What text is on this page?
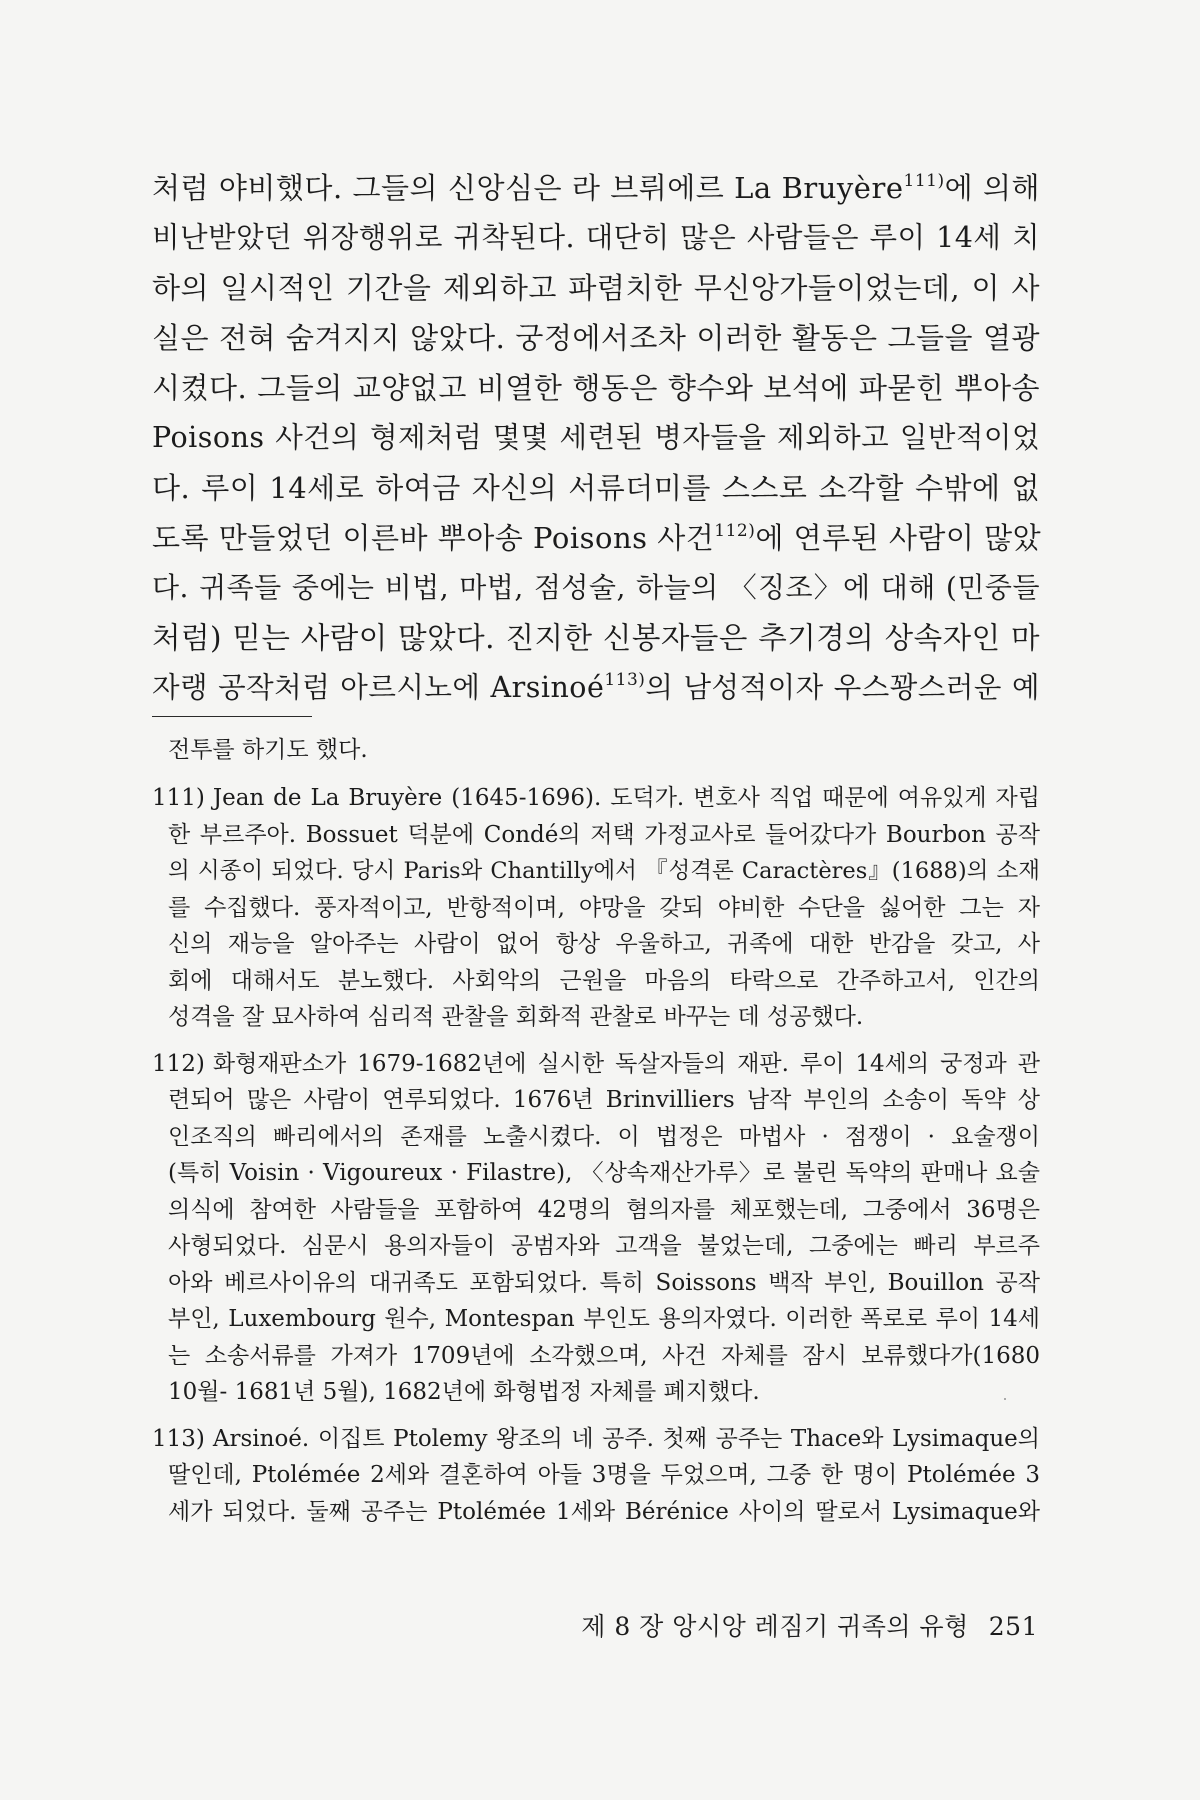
처럼 야비했다. 그들의 신앙심은 라 브뤼에르 La Bruyère$^{111)}$에 의해
비난받았던 위장행위로 귀착된다. 대단히 많은 사람들은 루이 14세 치
하의 일시적인 기간을 제외하고 파렴치한 무신앙가들이었는데, 이 사
실은 전혀 숨겨지지 않았다. 궁정에서조차 이러한 활동은 그들을 열광
시켰다. 그들의 교양없고 비열한 행동은 향수와 보석에 파묻힌 뿌아송
Poisons 사건의 형제처럼 몇몇 세련된 병자들을 제외하고 일반적이었
다. 루이 14세로 하여금 자신의 서류더미를 스스로 소각할 수밖에 없
도록 만들었던 이른바 뿌아송 Poisons 사건$^{112)}$에 연루된 사람이 많았
다. 귀족들 중에는 비법, 마법, 점성술, 하늘의 〈징조〉에 대해 (민중들
처럼) 믿는 사람이 많았다. 진지한 신봉자들은 추기경의 상속자인 마
자랭 공작처럼 아르시노에 Arsinoé$^{113)}$의 남성적이자 우스꽝스러운 예
전투를 하기도 했다.
111) Jean de La Bruyère (1645-1696). 도덕가. 변호사 직업 때문에 여유있게 자립
한 부르주아. Bossuet 덕분에 Condé의 저택 가정교사로 들어갔다가 Bourbon 공작
의 시종이 되었다. 당시 Paris와 Chantilly에서 『성격론 Caractères』(1688)의 소재
를 수집했다. 풍자적이고, 반항적이며, 야망을 갖되 야비한 수단을 싫어한 그는 자
신의 재능을 알아주는 사람이 없어 항상 우울하고, 귀족에 대한 반감을 갖고, 사
회에 대해서도 분노했다. 사회악의 근원을 마음의 타락으로 간주하고서, 인간의
성격을 잘 묘사하여 심리적 관찰을 회화적 관찰로 바꾸는 데 성공했다.
112) 화형재판소가 1679-1682년에 실시한 독살자들의 재판. 루이 14세의 궁정과 관
련되어 많은 사람이 연루되었다. 1676년 Brinvilliers 남작 부인의 소송이 독약 상
인조직의 빠리에서의 존재를 노출시켰다. 이 법정은 마법사 · 점쟁이 · 요술쟁이
(특히 Voisin · Vigoureux · Filastre), 〈상속재산가루〉로 불린 독약의 판매나 요술
의식에 참여한 사람들을 포함하여 42명의 혐의자를 체포했는데, 그중에서 36명은
사형되었다. 심문시 용의자들이 공범자와 고객을 불었는데, 그중에는 빠리 부르주
아와 베르사이유의 대귀족도 포함되었다. 특히 Soissons 백작 부인, Bouillon 공작
부인, Luxembourg 원수, Montespan 부인도 용의자였다. 이러한 폭로로 루이 14세
는 소송서류를 가져가 1709년에 소각했으며, 사건 자체를 잠시 보류했다가(1680
10월- 1681년 5월), 1682년에 화형법정 자체를 폐지했다.
113) Arsinoé. 이집트 Ptolemy 왕조의 네 공주. 첫째 공주는 Thace와 Lysimaque의
딸인데, Ptolémée 2세와 결혼하여 아들 3명을 두었으며, 그중 한 명이 Ptolémée 3
세가 되었다. 둘째 공주는 Ptolémée 1세와 Bérénice 사이의 딸로서 Lysimaque와
제 8 장 앙시앙 레짐기 귀족의 유형 251
